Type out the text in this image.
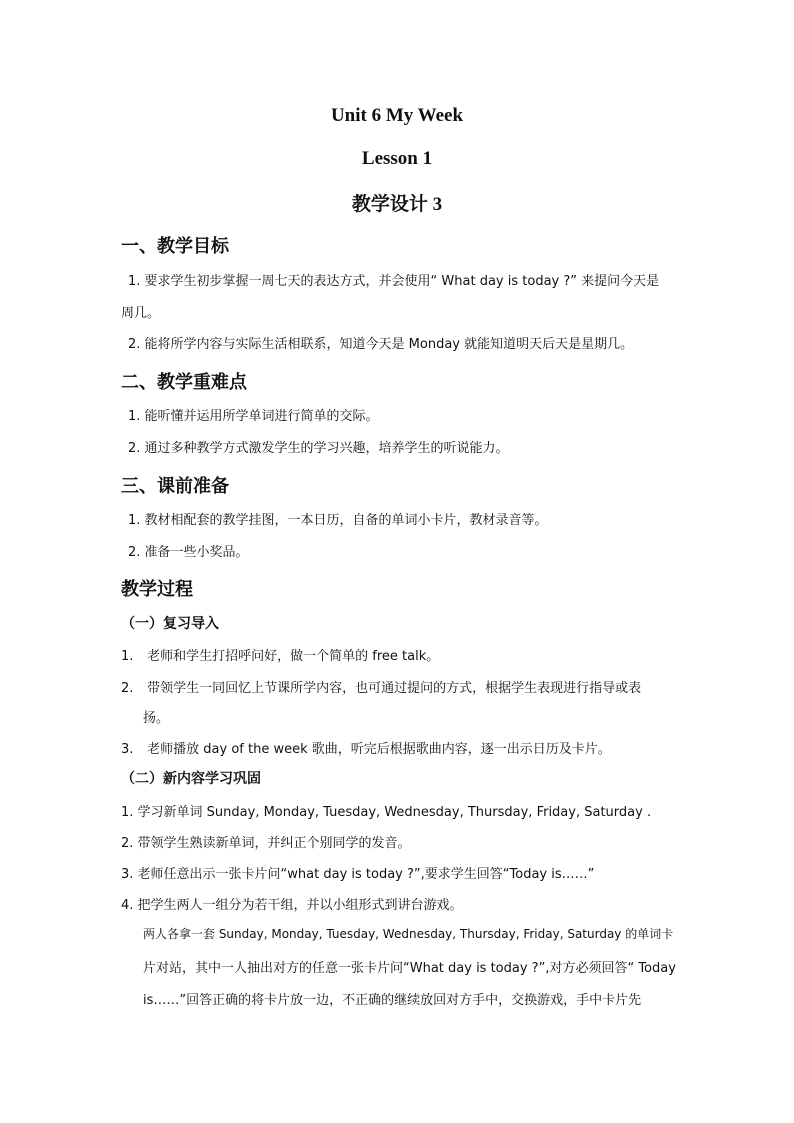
Unit 6 My Week
Lesson 1
教学设计 3
一、教学目标
1. 要求学生初步掌握一周七天的表达方式，并会使用“ What day is today ?” 来提问今天是
周几。
2. 能将所学内容与实际生活相联系，知道今天是 Monday 就能知道明天后天是星期几。
二、教学重难点
1. 能听懂并运用所学单词进行简单的交际。
2. 通过多种教学方式激发学生的学习兴趣，培养学生的听说能力。
三、课前准备
1. 教材相配套的教学挂图，一本日历，自备的单词小卡片，教材录音等。
2. 准备一些小奖品。
教学过程
（一）复习导入
1. 老师和学生打招呼问好，做一个简单的 free talk。
2. 带领学生一同回忆上节课所学内容，也可通过提问的方式，根据学生表现进行指导或表
扬。
3. 老师播放 day of the week 歌曲，听完后根据歌曲内容，逐一出示日历及卡片。
（二）新内容学习巩固
1. 学习新单词 Sunday, Monday, Tuesday, Wednesday, Thursday, Friday, Saturday .
2. 带领学生熟读新单词，并纠正个别同学的发音。
3. 老师任意出示一张卡片问“what day is today ?”,要求学生回答“Today is……”
4. 把学生两人一组分为若干组，并以小组形式到讲台游戏。
两人各拿一套 Sunday, Monday, Tuesday, Wednesday, Thursday, Friday, Saturday 的单词卡
片对站，其中一人抽出对方的任意一张卡片问“What day is today ?”,对方必须回答“ Today
is……”回答正确的将卡片放一边，不正确的继续放回对方手中，交换游戏，手中卡片先
